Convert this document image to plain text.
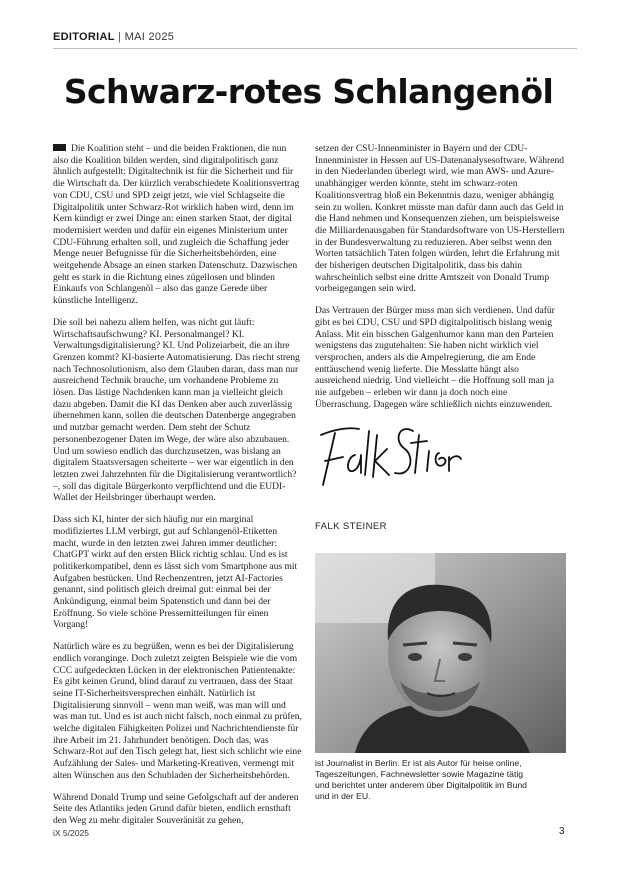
EDITORIAL | MAI 2025
Schwarz-rotes Schlangenöl

Die Koalition steht – und die beiden Fraktionen, die nun also die Koalition bilden werden, sind digitalpolitisch ganz ähnlich aufgestellt: Digitaltechnik ist für die Sicherheit und für die Wirtschaft da. Der kürzlich verabschiedete Koalitionsvertrag von CDU, CSU und SPD zeigt jetzt, wie viel Schlagseite die Digitalpolitik unter Schwarz-Rot wirklich haben wird, denn im Kern kündigt er zwei Dinge an: einen starken Staat, der digital modernisiert werden und dafür ein eigenes Ministerium unter CDU-Führung erhalten soll, und zugleich die Schaffung jeder Menge neuer Befugnisse für die Sicherheitsbehörden, eine weitgehende Absage an einen starken Datenschutz. Dazwischen geht es stark in die Richtung eines zügellosen und blinden Einkaufs von Schlangenöl – also das ganze Gerede über künstliche Intelligenz.

Die soll bei nahezu allem helfen, was nicht gut läuft: Wirtschaftsaufschwung? KI. Personalmangel? KI. Verwaltungsdigitalisierung? KI. Und Polizeiarbeit, die an ihre Grenzen kommt? KI-basierte Automatisierung. Das riecht streng nach Technosolutionism, also dem Glauben daran, dass man nur ausreichend Technik brauche, um vorhandene Probleme zu lösen. Das lästige Nachdenken kann man ja vielleicht gleich dazu abgeben. Damit die KI das Denken aber auch zuverlässig übernehmen kann, sollen die deutschen Datenberge angegraben und nutzbar gemacht werden. Dem steht der Schutz personenbezogener Daten im Wege, der wäre also abzubauen. Und um sowieso endlich das durchzusetzen, was bislang an digitalem Staatsversagen scheiterte – wer war eigentlich in den letzten zwei Jahrzehnten für die Digitalisierung verantwortlich? –, soll das digitale Bürgerkonto verpflichtend und die EUDI-Wallet der Heilsbringer überhaupt werden.

Dass sich KI, hinter der sich häufig nur ein marginal modifiziertes LLM verbirgt, gut auf Schlangenöl-Etiketten macht, wurde in den letzten zwei Jahren immer deutlicher: ChatGPT wirkt auf den ersten Blick richtig schlau. Und es ist politikerkompatibel, denn es lässt sich vom Smartphone aus mit Aufgaben bestücken. Und Rechenzentren, jetzt AI-Factories genannt, sind politisch gleich dreimal gut: einmal bei der Ankündigung, einmal beim Spatenstich und dann bei der Eröffnung. So viele schöne Pressemitteilungen für einen Vorgang!

Natürlich wäre es zu begrüßen, wenn es bei der Digitalisierung endlich voranginge. Doch zuletzt zeigten Beispiele wie die vom CCC aufgedeckten Lücken in der elektronischen Patientenakte: Es gibt keinen Grund, blind darauf zu vertrauen, dass der Staat seine IT-Sicherheitsversprechen einhält. Natürlich ist Digitalisierung sinnvoll – wenn man weiß, was man will und was man tut. Und es ist auch nicht falsch, noch einmal zu prüfen, welche digitalen Fähigkeiten Polizei und Nachrichtendienste für ihre Arbeit im 21. Jahrhundert benötigen. Doch das, was Schwarz-Rot auf den Tisch gelegt hat, liest sich schlicht wie eine Aufzählung der Sales- und Marketing-Kreativen, vermengt mit alten Wünschen aus den Schubladen der Sicherheitsbehörden.

Während Donald Trump und seine Gefolgschaft auf der anderen Seite des Atlantiks jeden Grund dafür bieten, endlich ernsthaft den Weg zu mehr digitaler Souveränität zu gehen,

setzen der CSU-Innenminister in Bayern und der CDU-Innenminister in Hessen auf US-Datenanalysesoftware. Während in den Niederlanden überlegt wird, wie man AWS- und Azure-unabhängiger werden könnte, steht im schwarz-roten Koalitionsvertrag bloß ein Bekenntnis dazu, weniger abhängig sein zu wollen. Konkret müsste man dafür dann auch das Geld in die Hand nehmen und Konsequenzen ziehen, um beispielsweise die Milliardenausgaben für Standardsoftware von US-Herstellern in der Bundesverwaltung zu reduzieren. Aber selbst wenn den Worten tatsächlich Taten folgen würden, lehrt die Erfahrung mit der bisherigen deutschen Digitalpolitik, dass bis dahin wahrscheinlich selbst eine dritte Amtszeit von Donald Trump vorbeigegangen sein wird.

Das Vertrauen der Bürger muss man sich verdienen. Und dafür gibt es bei CDU, CSU und SPD digitalpolitisch bislang wenig Anlass. Mit ein bisschen Galgenhumor kann man den Parteien wenigstens das zugutehalten: Sie haben nicht wirklich viel versprochen, anders als die Ampelregierung, die am Ende enttäuschend wenig lieferte. Die Messlatte hängt also ausreichend niedrig. Und vielleicht – die Hoffnung soll man ja nie aufgeben – erleben wir dann ja doch noch eine Überraschung. Dagegen wäre schließlich nichts einzuwenden.

FALK STEINER
ist Journalist in Berlin. Er ist als Autor für heise online, Tageszeitungen, Fachnewsletter sowie Magazine tätig und berichtet unter anderem über Digitalpolitik im Bund und in der EU.
iX 5/2025	3
